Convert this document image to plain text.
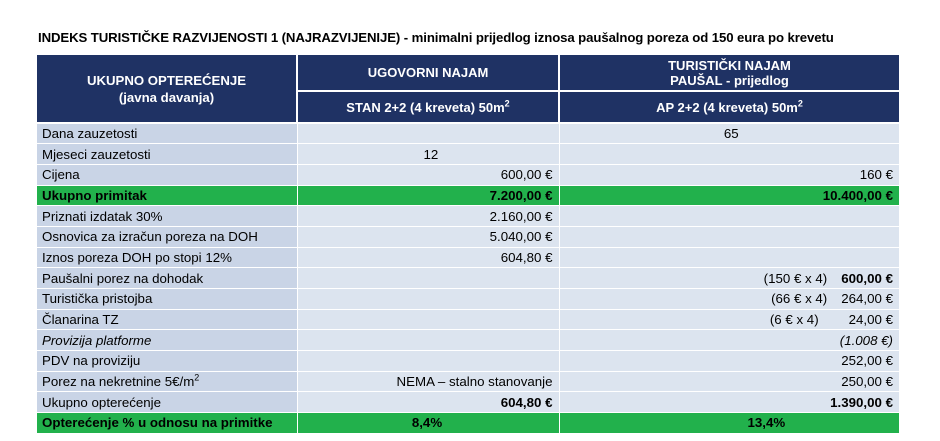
INDEKS TURISTIČKE RAZVIJENOSTI 1 (NAJRAZVIJENIJE) - minimalni prijedlog iznosa paušalnog poreza od 150 eura po krevetu
UKUPNO OPTEREĆENJE
(javna davanja)	UGOVORNI NAJAM	TURISTIČKI NAJAM
PAUŠAL - prijedlog
	STAN 2+2 (4 kreveta) $50m^2$	AP 2+2 (4 kreveta) $50m^2$
Dana zauzetosti		65
Mjeseci zauzetosti	12	
Cijena	600,00 €	160 €
Ukupno primitak	7.200,00 €	10.400,00 €
Priznati izdatak 30%	2.160,00 €	
Osnovica za izračun poreza na DOH	5.040,00 €	
Iznos poreza DOH po stopi 12%	604,80 €	
Paušalni porez na dohodak		(150 € x 4) 600,00 €
Turistička pristojba		(66 € x 4) 264,00 €
Članarina TZ		(6 € x 4) 24,00 €
Provizija platforme		(1.008 €)
PDV na proviziju		252,00 €
Porez na nekretnine $5€/m^2$	NEMA – stalno stanovanje	250,00 €
Ukupno opterećenje	604,80 €	1.390,00 €
Opterećenje % u odnosu na primitke	8,4%	13,4%
